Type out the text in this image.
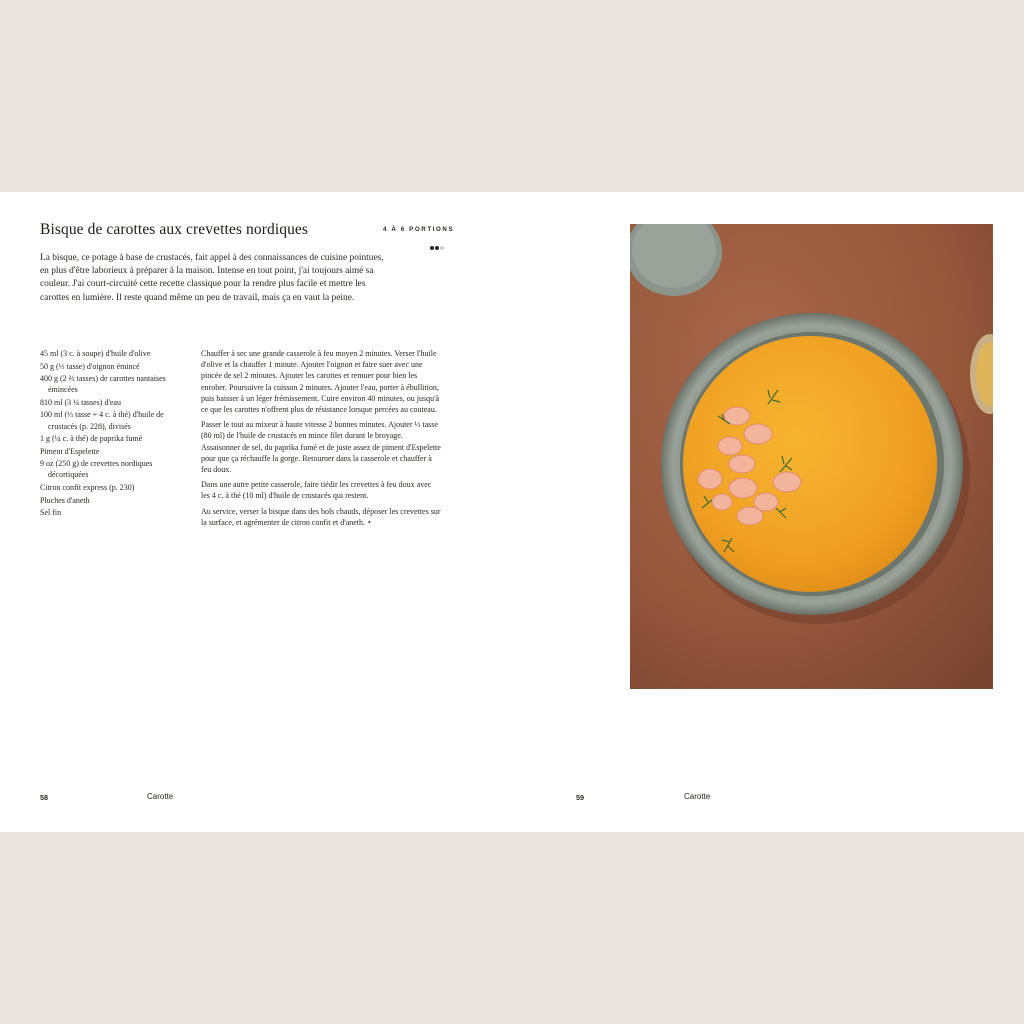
Bisque de carottes aux crevettes nordiques	4 À 6 PORTIONS

La bisque, ce potage à base de crustacés, fait appel à des connaissances de cuisine pointues, en plus d'être laborieux à préparer à la maison. Intense en tout point, j'ai toujours aimé sa couleur. J'ai court-circuité cette recette classique pour la rendre plus facile et mettre les carottes en lumière. Il reste quand même un peu de travail, mais ça en vaut la peine.

45 ml (3 c. à soupe) d'huile d'olive
50 g (⅓ tasse) d'oignon émincé
400 g (2 ⅔ tasses) de carottes nantaises émincées
810 ml (3 ¼ tasses) d'eau
100 ml (⅓ tasse + 4 c. à thé) d'huile de crustacés (p. 228), divisés
1 g (¼ c. à thé) de paprika fumé
Piment d'Espelette
9 oz (250 g) de crevettes nordiques décortiquées
Citron confit express (p. 230)
Pluches d'aneth
Sel fin

Chauffer à sec une grande casserole à feu moyen 2 minutes. Verser l'huile d'olive et la chauffer 1 minute. Ajouter l'oignon et faire suer avec une pincée de sel 2 minutes. Ajouter les carottes et remuer pour bien les enrober. Poursuivre la cuisson 2 minutes. Ajouter l'eau, porter à ébullition, puis baisser à un léger frémissement. Cuire environ 40 minutes, ou jusqu'à ce que les carottes n'offrent plus de résistance lorsque percées au couteau.

Passer le tout au mixeur à haute vitesse 2 bonnes minutes. Ajouter ⅓ tasse (80 ml) de l'huile de crustacés en mince filet durant le broyage. Assaisonner de sel, du paprika fumé et de juste assez de piment d'Espelette pour que ça réchauffe la gorge. Retourner dans la casserole et chauffer à feu doux.

Dans une autre petite casserole, faire tiédir les crevettes à feu doux avec les 4 c. à thé (10 ml) d'huile de crustacés qui restent.

Au service, verser la bisque dans des bols chauds, déposer les crevettes sur la surface, et agrémenter de citron confit et d'aneth. •

58	Carotte	59	Carotte
